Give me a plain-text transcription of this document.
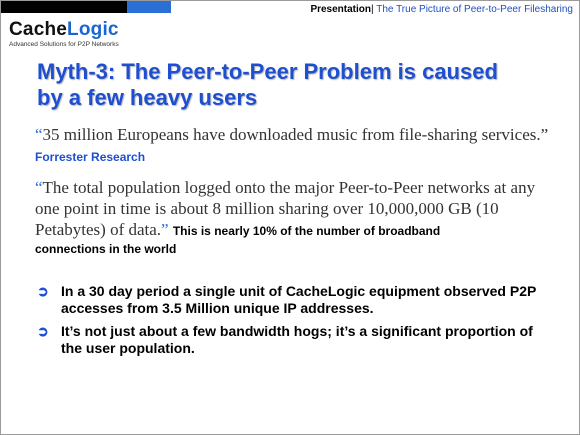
Presentation| The True Picture of Peer-to-Peer Filesharing
CacheLogic
Advanced Solutions for P2P Networks
Myth-3: The Peer-to-Peer Problem is caused
by a few heavy users
“35 million Europeans have downloaded music from file-sharing services.” Forrester Research
“The total population logged onto the major Peer-to-Peer networks at any one point in time is about 8 million sharing over 10,000,000 GB (10 Petabytes) of data.” This is nearly 10% of the number of broadband
connections in the world
➲ In a 30 day period a single unit of CacheLogic equipment observed P2P accesses from 3.5 Million unique IP addresses.
➲ It’s not just about a few bandwidth hogs; it’s a significant proportion of the user population.
